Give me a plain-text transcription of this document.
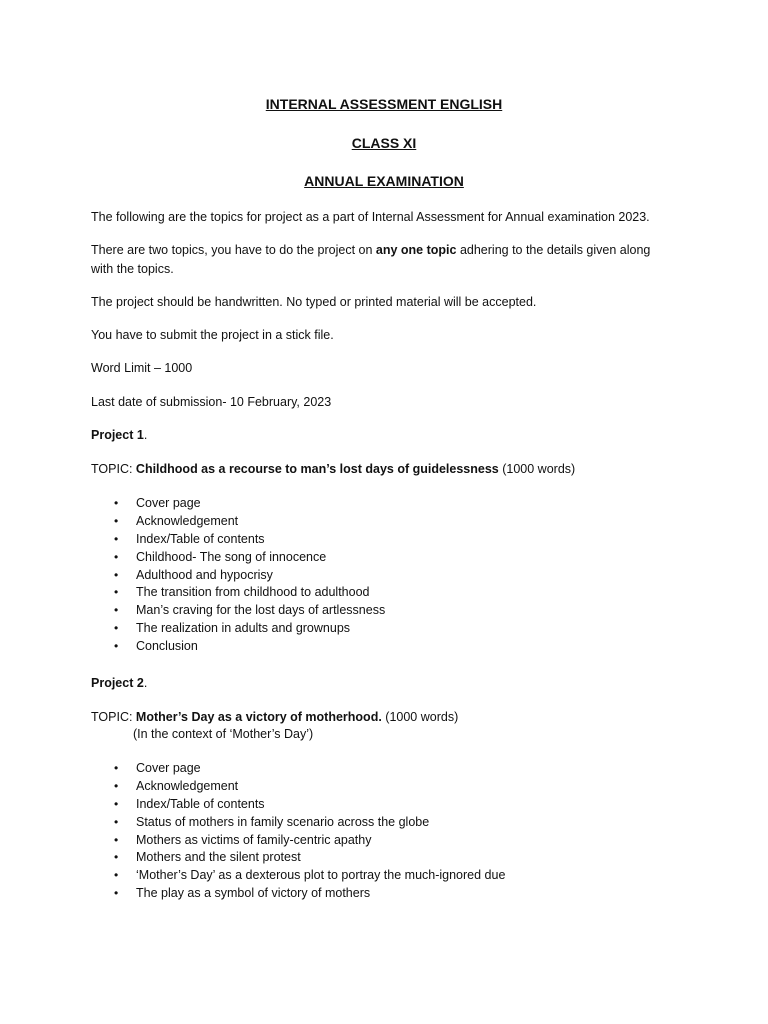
INTERNAL ASSESSMENT ENGLISH
CLASS XI
ANNUAL EXAMINATION
The following are the topics for project as a part of Internal Assessment for Annual examination 2023.
There are two topics, you have to do the project on any one topic adhering to the details given along with the topics.
The project should be handwritten. No typed or printed material will be accepted.
You have to submit the project in a stick file.
Word Limit – 1000
Last date of submission- 10 February, 2023
Project 1.
TOPIC: Childhood as a recourse to man’s lost days of guidelessness (1000 words)
• Cover page
• Acknowledgement
• Index/Table of contents
• Childhood- The song of innocence
• Adulthood and hypocrisy
• The transition from childhood to adulthood
• Man’s craving for the lost days of artlessness
• The realization in adults and grownups
• Conclusion
Project 2.
TOPIC: Mother’s Day as a victory of motherhood. (1000 words)
(In the context of ‘Mother’s Day’)
• Cover page
• Acknowledgement
• Index/Table of contents
• Status of mothers in family scenario across the globe
• Mothers as victims of family-centric apathy
• Mothers and the silent protest
• ‘Mother’s Day’ as a dexterous plot to portray the much-ignored due
• The play as a symbol of victory of mothers
